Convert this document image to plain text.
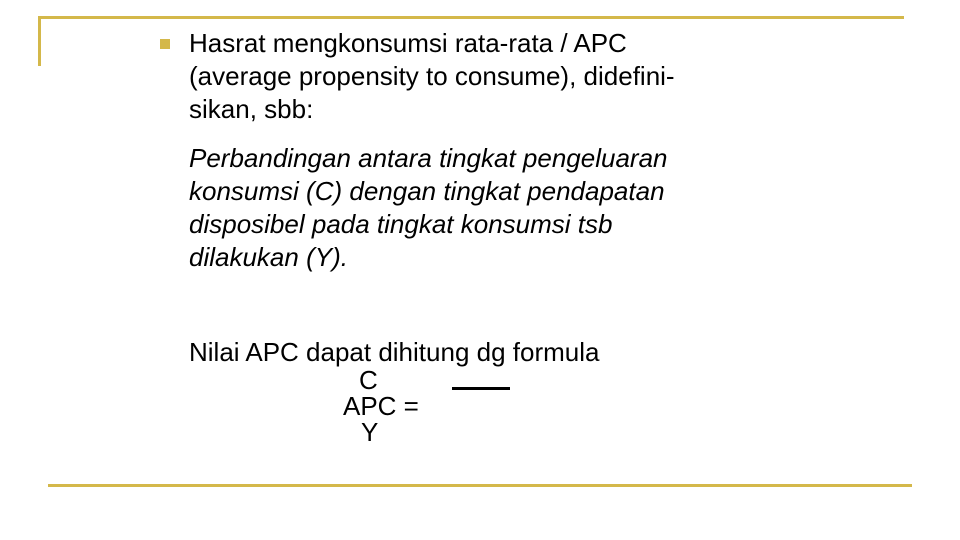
Hasrat mengkonsumsi rata-rata / APC
(average propensity to consume), didefini-
sikan, sbb:
Perbandingan antara tingkat pengeluaran
konsumsi (C) dengan tingkat pendapatan
disposibel pada tingkat konsumsi tsb
dilakukan (Y).
Nilai APC dapat dihitung dg formula
C
APC =
Y
